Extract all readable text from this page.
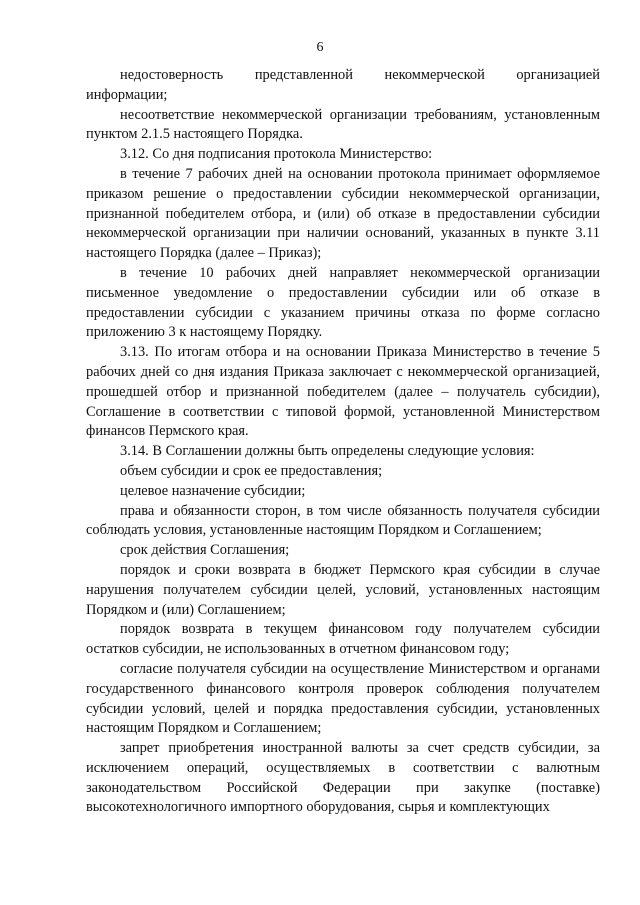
6

недостоверность представленной некоммерческой организацией информации;

несоответствие некоммерческой организации требованиям, установленным пунктом 2.1.5 настоящего Порядка.

3.12. Со дня подписания протокола Министерство:

в течение 7 рабочих дней на основании протокола принимает оформляемое приказом решение о предоставлении субсидии некоммерческой организации, признанной победителем отбора, и (или) об отказе в предоставлении субсидии некоммерческой организации при наличии оснований, указанных в пункте 3.11 настоящего Порядка (далее – Приказ);

в течение 10 рабочих дней направляет некоммерческой организации письменное уведомление о предоставлении субсидии или об отказе в предоставлении субсидии с указанием причины отказа по форме согласно приложению 3 к настоящему Порядку.

3.13. По итогам отбора и на основании Приказа Министерство в течение 5 рабочих дней со дня издания Приказа заключает с некоммерческой организацией, прошедшей отбор и признанной победителем (далее – получатель субсидии), Соглашение в соответствии с типовой формой, установленной Министерством финансов Пермского края.

3.14. В Соглашении должны быть определены следующие условия:

объем субсидии и срок ее предоставления;

целевое назначение субсидии;

права и обязанности сторон, в том числе обязанность получателя субсидии соблюдать условия, установленные настоящим Порядком и Соглашением;

срок действия Соглашения;

порядок и сроки возврата в бюджет Пермского края субсидии в случае нарушения получателем субсидии целей, условий, установленных настоящим Порядком и (или) Соглашением;

порядок возврата в текущем финансовом году получателем субсидии остатков субсидии, не использованных в отчетном финансовом году;

согласие получателя субсидии на осуществление Министерством и органами государственного финансового контроля проверок соблюдения получателем субсидии условий, целей и порядка предоставления субсидии, установленных настоящим Порядком и Соглашением;

запрет приобретения иностранной валюты за счет средств субсидии, за исключением операций, осуществляемых в соответствии с валютным законодательством Российской Федерации при закупке (поставке) высокотехнологичного импортного оборудования, сырья и комплектующих
